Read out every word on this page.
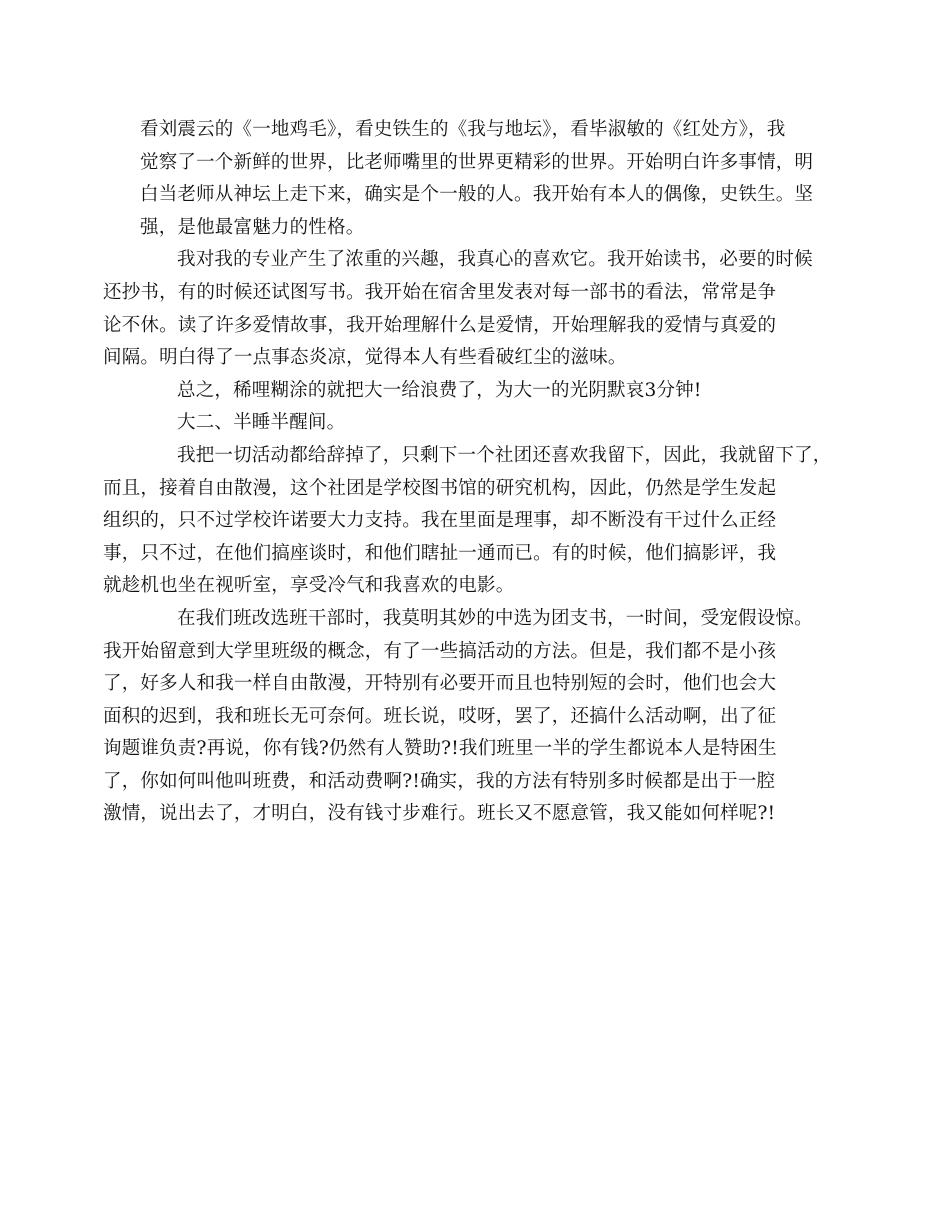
看刘震云的《一地鸡毛》，看史铁生的《我与地坛》，看毕淑敏的《红处方》，我
觉察了一个新鲜的世界，比老师嘴里的世界更精彩的世界。开始明白许多事情，明
白当老师从神坛上走下来，确实是个一般的人。我开始有本人的偶像，史铁生。坚
强，是他最富魅力的性格。

我对我的专业产生了浓重的兴趣，我真心的喜欢它。我开始读书，必要的时候
还抄书，有的时候还试图写书。我开始在宿舍里发表对每一部书的看法，常常是争
论不休。读了许多爱情故事，我开始理解什么是爱情，开始理解我的爱情与真爱的
间隔。明白得了一点事态炎凉，觉得本人有些看破红尘的滋味。

总之，稀哩糊涂的就把大一给浪费了，为大一的光阴默哀3分钟!

大二、半睡半醒间。

我把一切活动都给辞掉了，只剩下一个社团还喜欢我留下，因此，我就留下了，
而且，接着自由散漫，这个社团是学校图书馆的研究机构，因此，仍然是学生发起
组织的，只不过学校许诺要大力支持。我在里面是理事，却不断没有干过什么正经
事，只不过，在他们搞座谈时，和他们瞎扯一通而已。有的时候，他们搞影评，我
就趁机也坐在视听室，享受冷气和我喜欢的电影。

在我们班改选班干部时，我莫明其妙的中选为团支书，一时间，受宠假设惊。
我开始留意到大学里班级的概念，有了一些搞活动的方法。但是，我们都不是小孩
了，好多人和我一样自由散漫，开特别有必要开而且也特别短的会时，他们也会大
面积的迟到，我和班长无可奈何。班长说，哎呀，罢了，还搞什么活动啊，出了征
询题谁负责?再说，你有钱?仍然有人赞助?!我们班里一半的学生都说本人是特困生
了，你如何叫他叫班费，和活动费啊?!确实，我的方法有特别多时候都是出于一腔
激情，说出去了，才明白，没有钱寸步难行。班长又不愿意管，我又能如何样呢?!
